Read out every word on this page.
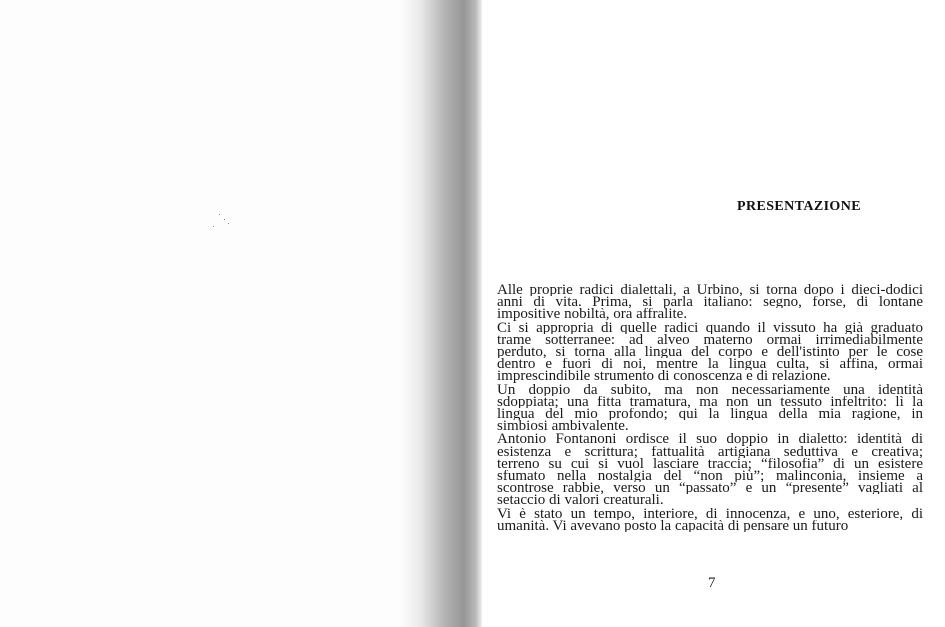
PRESENTAZIONE

Alle proprie radici dialettali, a Urbino, si torna dopo i dieci-dodici
anni di vita. Prima, si parla italiano: segno, forse, di lontane
impositive nobiltà, ora affralite.

Ci si appropria di quelle radici quando il vissuto ha già graduato
trame sotterranee: ad alveo materno ormai irrimediabilmente
perduto, si torna alla lingua del corpo e dell'istinto per le cose
dentro e fuori di noi, mentre la lingua culta, si affina, ormai
imprescindibile strumento di conoscenza e di relazione.

Un doppio da subito, ma non necessariamente una identità
sdoppiata; una fitta tramatura, ma non un tessuto infeltrito: lì la
lingua del mio profondo; qui la lingua della mia ragione, in
simbiosi ambivalente.

Antonio Fontanoni ordisce il suo doppio in dialetto: identità di
esistenza e scrittura; fattualità artigiana seduttiva e creativa;
terreno su cui si vuol lasciare traccia; “filosofia” di un esistere
sfumato nella nostalgia del “non più”; malinconia, insieme a
scontrose rabbie, verso un “passato” e un “presente” vagliati al
setaccio di valori creaturali.

Vi è stato un tempo, interiore, di innocenza, e uno, esteriore, di
umanità. Vi avevano posto la capacità di pensare un futuro

7
